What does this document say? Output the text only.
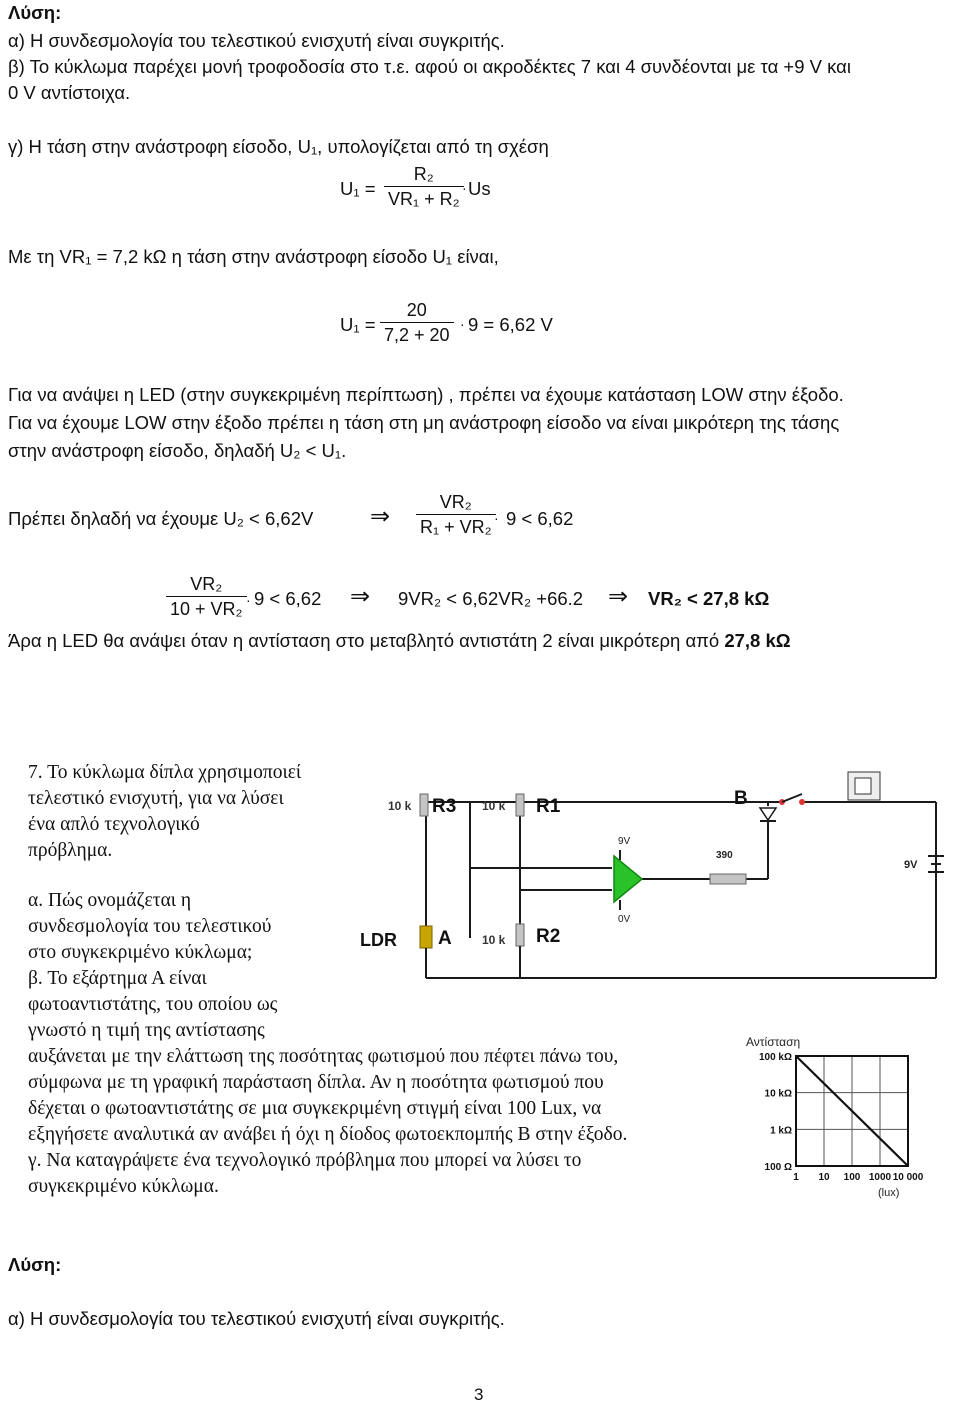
Λύση:
α) Η συνδεσμολογία του τελεστικού ενισχυτή είναι συγκριτής.
β) Το κύκλωμα παρέχει μονή τροφοδοσία στο τ.ε. αφού οι ακροδέκτες 7 και 4 συνδέονται με τα +9 V και
0 V αντίστοιχα.
γ) Η τάση στην ανάστροφη είσοδο, U₁, υπολογίζεται από τη σχέση
$U_1 = \frac{\text{R₂}}{\text{VR₁ + R₂}}$
· Us
Με τη VR₁ = 7,2 kΩ η τάση στην ανάστροφη είσοδο U₁ είναι,
$U_1 = \frac{20}{7,2 + 20} \cdot 9 = 6,62$ V
Για να ανάψει η LED (στην συγκεκριμένη περίπτωση) , πρέπει να έχουμε κατάσταση LOW στην έξοδο.
Για να έχουμε LOW στην έξοδο πρέπει η τάση στη μη ανάστροφη είσοδο να είναι μικρότερη της τάσης
στην ανάστροφη είσοδο, δηλαδή U₂ < U₁.
Πρέπει δηλαδή να έχουμε U₂ < 6,62V ⇒ $\frac{\text{VR₂}}{\text{R₁ + VR₂}}$
· 9 < 6,62
$\frac{\text{VR₂}}{\text{10 + VR₂}} \cdot 9 < 6,62$ ⇒ 9VR₂ < 6,62VR₂ +66.2 ⇒ VR₂ < 27,8 kΩ
Άρα η LED θα ανάψει όταν η αντίσταση στο μεταβλητό αντιστάτη 2 είναι μικρότερη από 27,8 kΩ
7. Το κύκλωμα δίπλα χρησιμοποιεί
τελεστικό ενισχυτή, για να λύσει
ένα απλό τεχνολογικό
πρόβλημα.
α. Πώς ονομάζεται η
συνδεσμολογία του τελεστικού
στο συγκεκριμένο κύκλωμα;
β. Το εξάρτημα Α είναι
φωτοαντιστάτης, του οποίου ως
γνωστό η τιμή της αντίστασης
αυξάνεται με την ελάττωση της ποσότητας φωτισμού που πέφτει πάνω του,
σύμφωνα με τη γραφική παράσταση δίπλα. Αν η ποσότητα φωτισμού που
δέχεται ο φωτοαντιστάτης σε μια συγκεκριμένη στιγμή είναι 100 Lux, να
εξηγήσετε αναλυτικά αν ανάβει ή όχι η δίοδος φωτοεκπομπής Β στην έξοδο.
γ. Να καταγράψετε ένα τεχνολογικό πρόβλημα που μπορεί να λύσει το
συγκεκριμένο κύκλωμα.
10 k R3 10 k R1
9V
0V
390
B
9V
LDR A	10 k R2
Αντίσταση
100 kΩ
10 kΩ
1 kΩ
100 Ω
1 10 100 1000 10 000
(lux)
Λύση:
α) Η συνδεσμολογία του τελεστικού ενισχυτή είναι συγκριτής.
3
